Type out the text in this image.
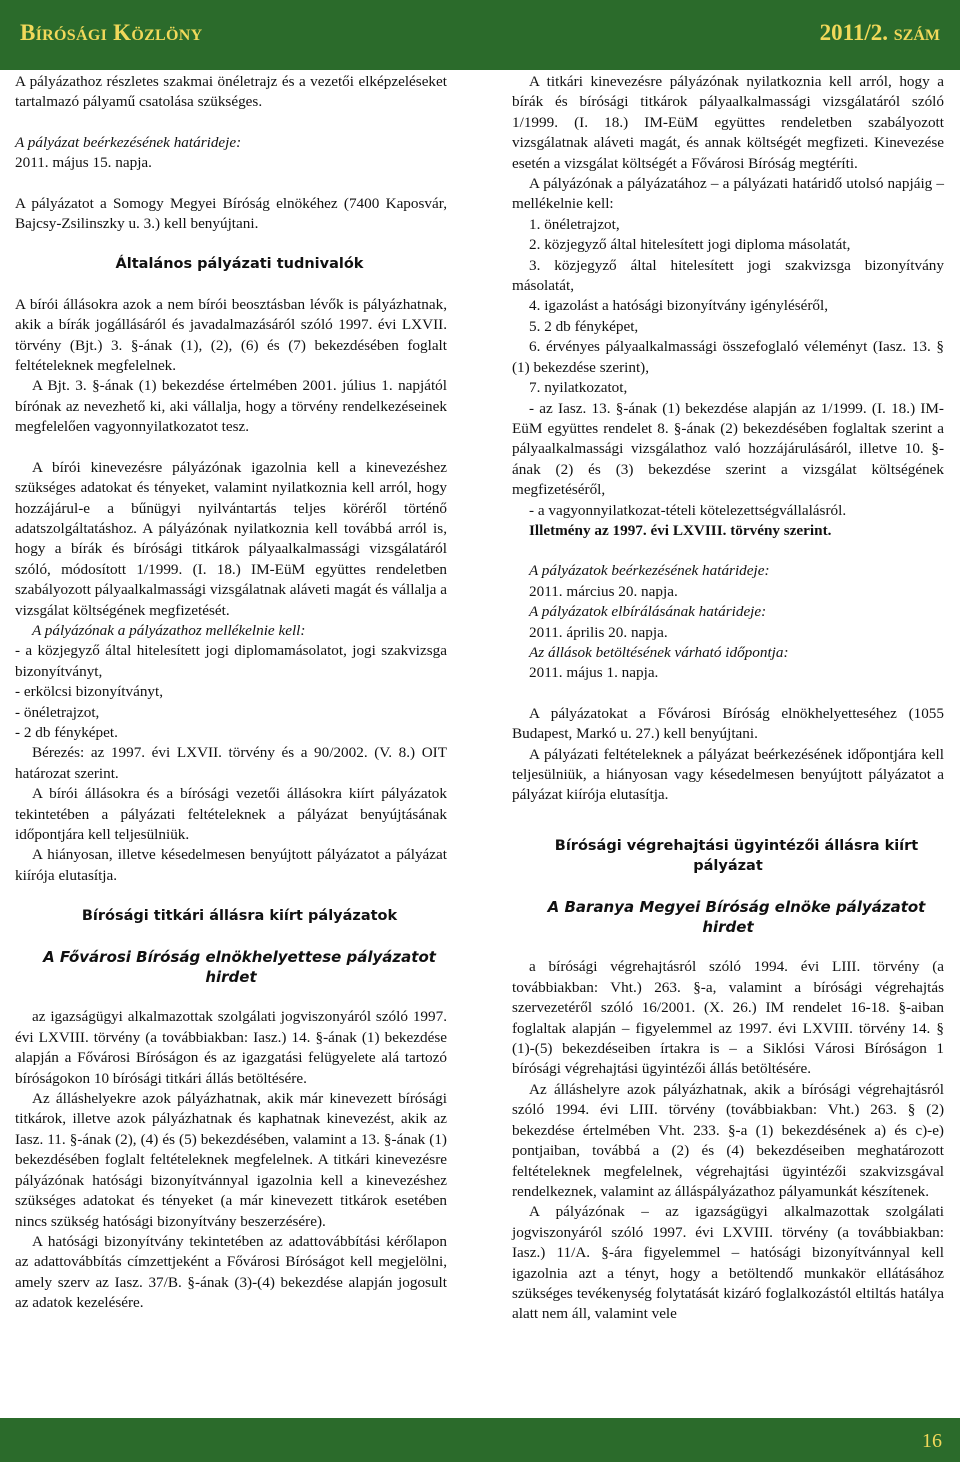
Bírósági Közlöny	2011/2. szám

A pályázathoz részletes szakmai önéletrajz és a vezetői elképzeléseket tartalmazó pályamű csatolása szükséges.

A pályázat beérkezésének határideje:

2011. május 15. napja.

A pályázatot a Somogy Megyei Bíróság elnökéhez (7400 Kaposvár, Bajcsy-Zsilinszky u. 3.) kell benyújtani.

Általános pályázati tudnivalók

A bírói állásokra azok a nem bírói beosztásban lévők is pályázhatnak, akik a bírák jogállásáról és javadalmazásáról szóló 1997. évi LXVII. törvény (Bjt.) 3. §-ának (1), (2), (6) és (7) bekezdésében foglalt feltételeknek megfelelnek.

A Bjt. 3. §-ának (1) bekezdése értelmében 2001. július 1. napjától bírónak az nevezhető ki, aki vállalja, hogy a törvény rendelkezéseinek megfelelően vagyonnyilatkozatot tesz.

A bírói kinevezésre pályázónak igazolnia kell a kinevezéshez szükséges adatokat és tényeket, valamint nyilatkoznia kell arról, hogy hozzájárul-e a bűnügyi nyilvántartás teljes köréről történő adatszolgáltatáshoz. A pályázónak nyilatkoznia kell továbbá arról is, hogy a bírák és bírósági titkárok pályaalkalmassági vizsgálatáról szóló, módosított 1/1999. (I. 18.) IM-EüM együttes rendeletben szabályozott pályaalkalmassági vizsgálatnak aláveti magát és vállalja a vizsgálat költségének megfizetését.

A pályázónak a pályázathoz mellékelnie kell:

- a közjegyző által hitelesített jogi diplomamásolatot, jogi szakvizsga bizonyítványt,

- erkölcsi bizonyítványt,

- önéletrajzot,

- 2 db fényképet.

Bérezés: az 1997. évi LXVII. törvény és a 90/2002. (V. 8.) OIT határozat szerint.

A bírói állásokra és a bírósági vezetői állásokra kiírt pályázatok tekintetében a pályázati feltételeknek a pályázat benyújtásának időpontjára kell teljesülniük.

A hiányosan, illetve késedelmesen benyújtott pályázatot a pályázat kiírója elutasítja.

Bírósági titkári állásra kiírt pályázatok

A Fővárosi Bíróság elnökhelyettese pályázatot hirdet

az igazságügyi alkalmazottak szolgálati jogviszonyáról szóló 1997. évi LXVIII. törvény (a továbbiakban: Iasz.) 14. §-ának (1) bekezdése alapján a Fővárosi Bíróságon és az igazgatási felügyelete alá tartozó bíróságokon 10 bírósági titkári állás betöltésére.

Az álláshelyekre azok pályázhatnak, akik már kinevezett bírósági titkárok, illetve azok pályázhatnak és kaphatnak kinevezést, akik az Iasz. 11. §-ának (2), (4) és (5) bekezdésében, valamint a 13. §-ának (1) bekezdésében foglalt feltételeknek megfelelnek. A titkári kinevezésre pályázónak hatósági bizonyítvánnyal igazolnia kell a kinevezéshez szükséges adatokat és tényeket (a már kinevezett titkárok esetében nincs szükség hatósági bizonyítvány beszerzésére).

A hatósági bizonyítvány tekintetében az adattovábbítási kérőlapon az adattovábbítás címzettjeként a Fővárosi Bíróságot kell megjelölni, amely szerv az Iasz. 37/B. §-ának (3)-(4) bekezdése alapján jogosult az adatok kezelésére.

A titkári kinevezésre pályázónak nyilatkoznia kell arról, hogy a bírák és bírósági titkárok pályaalkalmassági vizsgálatáról szóló 1/1999. (I. 18.) IM-EüM együttes rendeletben szabályozott vizsgálatnak aláveti magát, és annak költségét megfizeti. Kinevezése esetén a vizsgálat költségét a Fővárosi Bíróság megtéríti.

A pályázónak a pályázatához – a pályázati határidő utolsó napjáig – mellékelnie kell:

1. önéletrajzot,

2. közjegyző által hitelesített jogi diploma másolatát,

3. közjegyző által hitelesített jogi szakvizsga bizonyítvány másolatát,

4. igazolást a hatósági bizonyítvány igényléséről,

5. 2 db fényképet,

6. érvényes pályaalkalmassági összefoglaló véleményt (Iasz. 13. § (1) bekezdése szerint),

7. nyilatkozatot,

- az Iasz. 13. §-ának (1) bekezdése alapján az 1/1999. (I. 18.) IM-EüM együttes rendelet 8. §-ának (2) bekezdésében foglaltak szerint a pályaalkalmassági vizsgálathoz való hozzájárulásáról, illetve 10. §-ának (2) és (3) bekezdése szerint a vizsgálat költségének megfizetéséről,

- a vagyonnyilatkozat-tételi kötelezettségvállalásról.

Illetmény az 1997. évi LXVIII. törvény szerint.

A pályázatok beérkezésének határideje:

2011. március 20. napja.

A pályázatok elbírálásának határideje:

2011. április 20. napja.

Az állások betöltésének várható időpontja:

2011. május 1. napja.

A pályázatokat a Fővárosi Bíróság elnökhelyetteséhez (1055 Budapest, Markó u. 27.) kell benyújtani.

A pályázati feltételeknek a pályázat beérkezésének időpontjára kell teljesülniük, a hiányosan vagy késedelmesen benyújtott pályázatot a pályázat kiírója elutasítja.

Bírósági végrehajtási ügyintézői állásra kiírt pályázat

A Baranya Megyei Bíróság elnöke pályázatot hirdet

a bírósági végrehajtásról szóló 1994. évi LIII. törvény (a továbbiakban: Vht.) 263. §-a, valamint a bírósági végrehajtás szervezetéről szóló 16/2001. (X. 26.) IM rendelet 16-18. §-aiban foglaltak alapján – figyelemmel az 1997. évi LXVIII. törvény 14. § (1)-(5) bekezdéseiben írtakra is – a Siklósi Városi Bíróságon 1 bírósági végrehajtási ügyintézői állás betöltésére.

Az álláshelyre azok pályázhatnak, akik a bírósági végrehajtásról szóló 1994. évi LIII. törvény (továbbiakban: Vht.) 263. § (2) bekezdése értelmében Vht. 233. §-a (1) bekezdésének a) és c)-e) pontjaiban, továbbá a (2) és (4) bekezdéseiben meghatározott feltételeknek megfelelnek, végrehajtási ügyintézői szakvizsgával rendelkeznek, valamint az álláspályázathoz pályamunkát készítenek.

A pályázónak – az igazságügyi alkalmazottak szolgálati jogviszonyáról szóló 1997. évi LXVIII. törvény (a továbbiakban: Iasz.) 11/A. §-ára figyelemmel – hatósági bizonyítvánnyal kell igazolnia azt a tényt, hogy a betöltendő munkakör ellátásához szükséges tevékenység folytatását kizáró foglalkozástól eltiltás hatálya alatt nem áll, valamint vele

16
